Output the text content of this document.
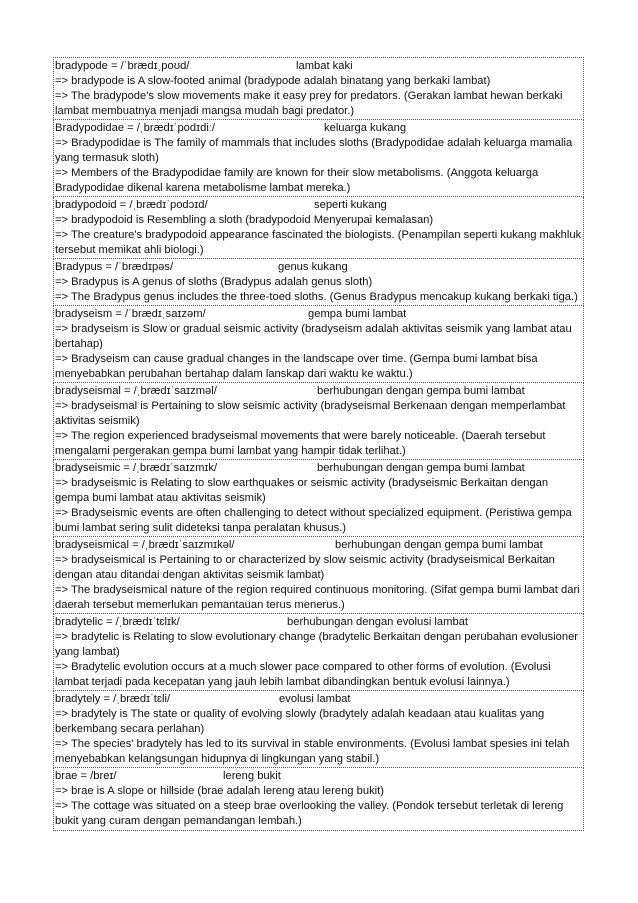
bradypode = /ˈbrædɪˌpoʊd/	lambat kaki
=> bradypode is A slow-footed animal (bradypode adalah binatang yang berkaki lambat)
=> The bradypode's slow movements make it easy prey for predators. (Gerakan lambat hewan berkaki lambat membuatnya menjadi mangsa mudah bagi predator.)
Bradypodidae = /ˌbrædɪˈpodɪdiː/	keluarga kukang
=> Bradypodidae is The family of mammals that includes sloths (Bradypodidae adalah keluarga mamalia yang termasuk sloth)
=> Members of the Bradypodidae family are known for their slow metabolisms. (Anggota keluarga Bradypodidae dikenal karena metabolisme lambat mereka.)
bradypodoid = /ˌbrædɪˈpodɔɪd/	seperti kukang
=> bradypodoid is Resembling a sloth (bradypodoid Menyerupai kemalasan)
=> The creature's bradypodoid appearance fascinated the biologists. (Penampilan seperti kukang makhluk tersebut memikat ahli biologi.)
Bradypus = /ˈbrædɪpəs/	genus kukang
=> Bradypus is A genus of sloths (Bradypus adalah genus sloth)
=> The Bradypus genus includes the three-toed sloths. (Genus Bradypus mencakup kukang berkaki tiga.)
bradyseism = /ˈbrædɪˌsaɪzəm/	gempa bumi lambat
=> bradyseism is Slow or gradual seismic activity (bradyseism adalah aktivitas seismik yang lambat atau bertahap)
=> Bradyseism can cause gradual changes in the landscape over time. (Gempa bumi lambat bisa menyebabkan perubahan bertahap dalam lanskap dari waktu ke waktu.)
bradyseismal = /ˌbrædɪˈsaɪzməl/	berhubungan dengan gempa bumi lambat
=> bradyseismal is Pertaining to slow seismic activity (bradyseismal Berkenaan dengan memperlambat aktivitas seismik)
=> The region experienced bradyseismal movements that were barely noticeable. (Daerah tersebut mengalami pergerakan gempa bumi lambat yang hampir tidak terlihat.)
bradyseismic = /ˌbrædɪˈsaɪzmɪk/	berhubungan dengan gempa bumi lambat
=> bradyseismic is Relating to slow earthquakes or seismic activity (bradyseismic Berkaitan dengan gempa bumi lambat atau aktivitas seismik)
=> Bradyseismic events are often challenging to detect without specialized equipment. (Peristiwa gempa bumi lambat sering sulit dideteksi tanpa peralatan khusus.)
bradyseismical = /ˌbrædɪˈsaɪzmɪkəl/	berhubungan dengan gempa bumi lambat
=> bradyseismical is Pertaining to or characterized by slow seismic activity (bradyseismical Berkaitan dengan atau ditandai dengan aktivitas seismik lambat)
=> The bradyseismical nature of the region required continuous monitoring. (Sifat gempa bumi lambat dari daerah tersebut memerlukan pemantauan terus menerus.)
bradytelic = /ˌbrædɪˈtɛlɪk/	berhubungan dengan evolusi lambat
=> bradytelic is Relating to slow evolutionary change (bradytelic Berkaitan dengan perubahan evolusioner yang lambat)
=> Bradytelic evolution occurs at a much slower pace compared to other forms of evolution. (Evolusi lambat terjadi pada kecepatan yang jauh lebih lambat dibandingkan bentuk evolusi lainnya.)
bradytely = /ˌbrædɪˈtɛli/	evolusi lambat
=> bradytely is The state or quality of evolving slowly (bradytely adalah keadaan atau kualitas yang berkembang secara perlahan)
=> The species' bradytely has led to its survival in stable environments. (Evolusi lambat spesies ini telah menyebabkan kelangsungan hidupnya di lingkungan yang stabil.)
brae = /breɪ/	lereng bukit
=> brae is A slope or hillside (brae adalah lereng atau lereng bukit)
=> The cottage was situated on a steep brae overlooking the valley. (Pondok tersebut terletak di lereng bukit yang curam dengan pemandangan lembah.)
